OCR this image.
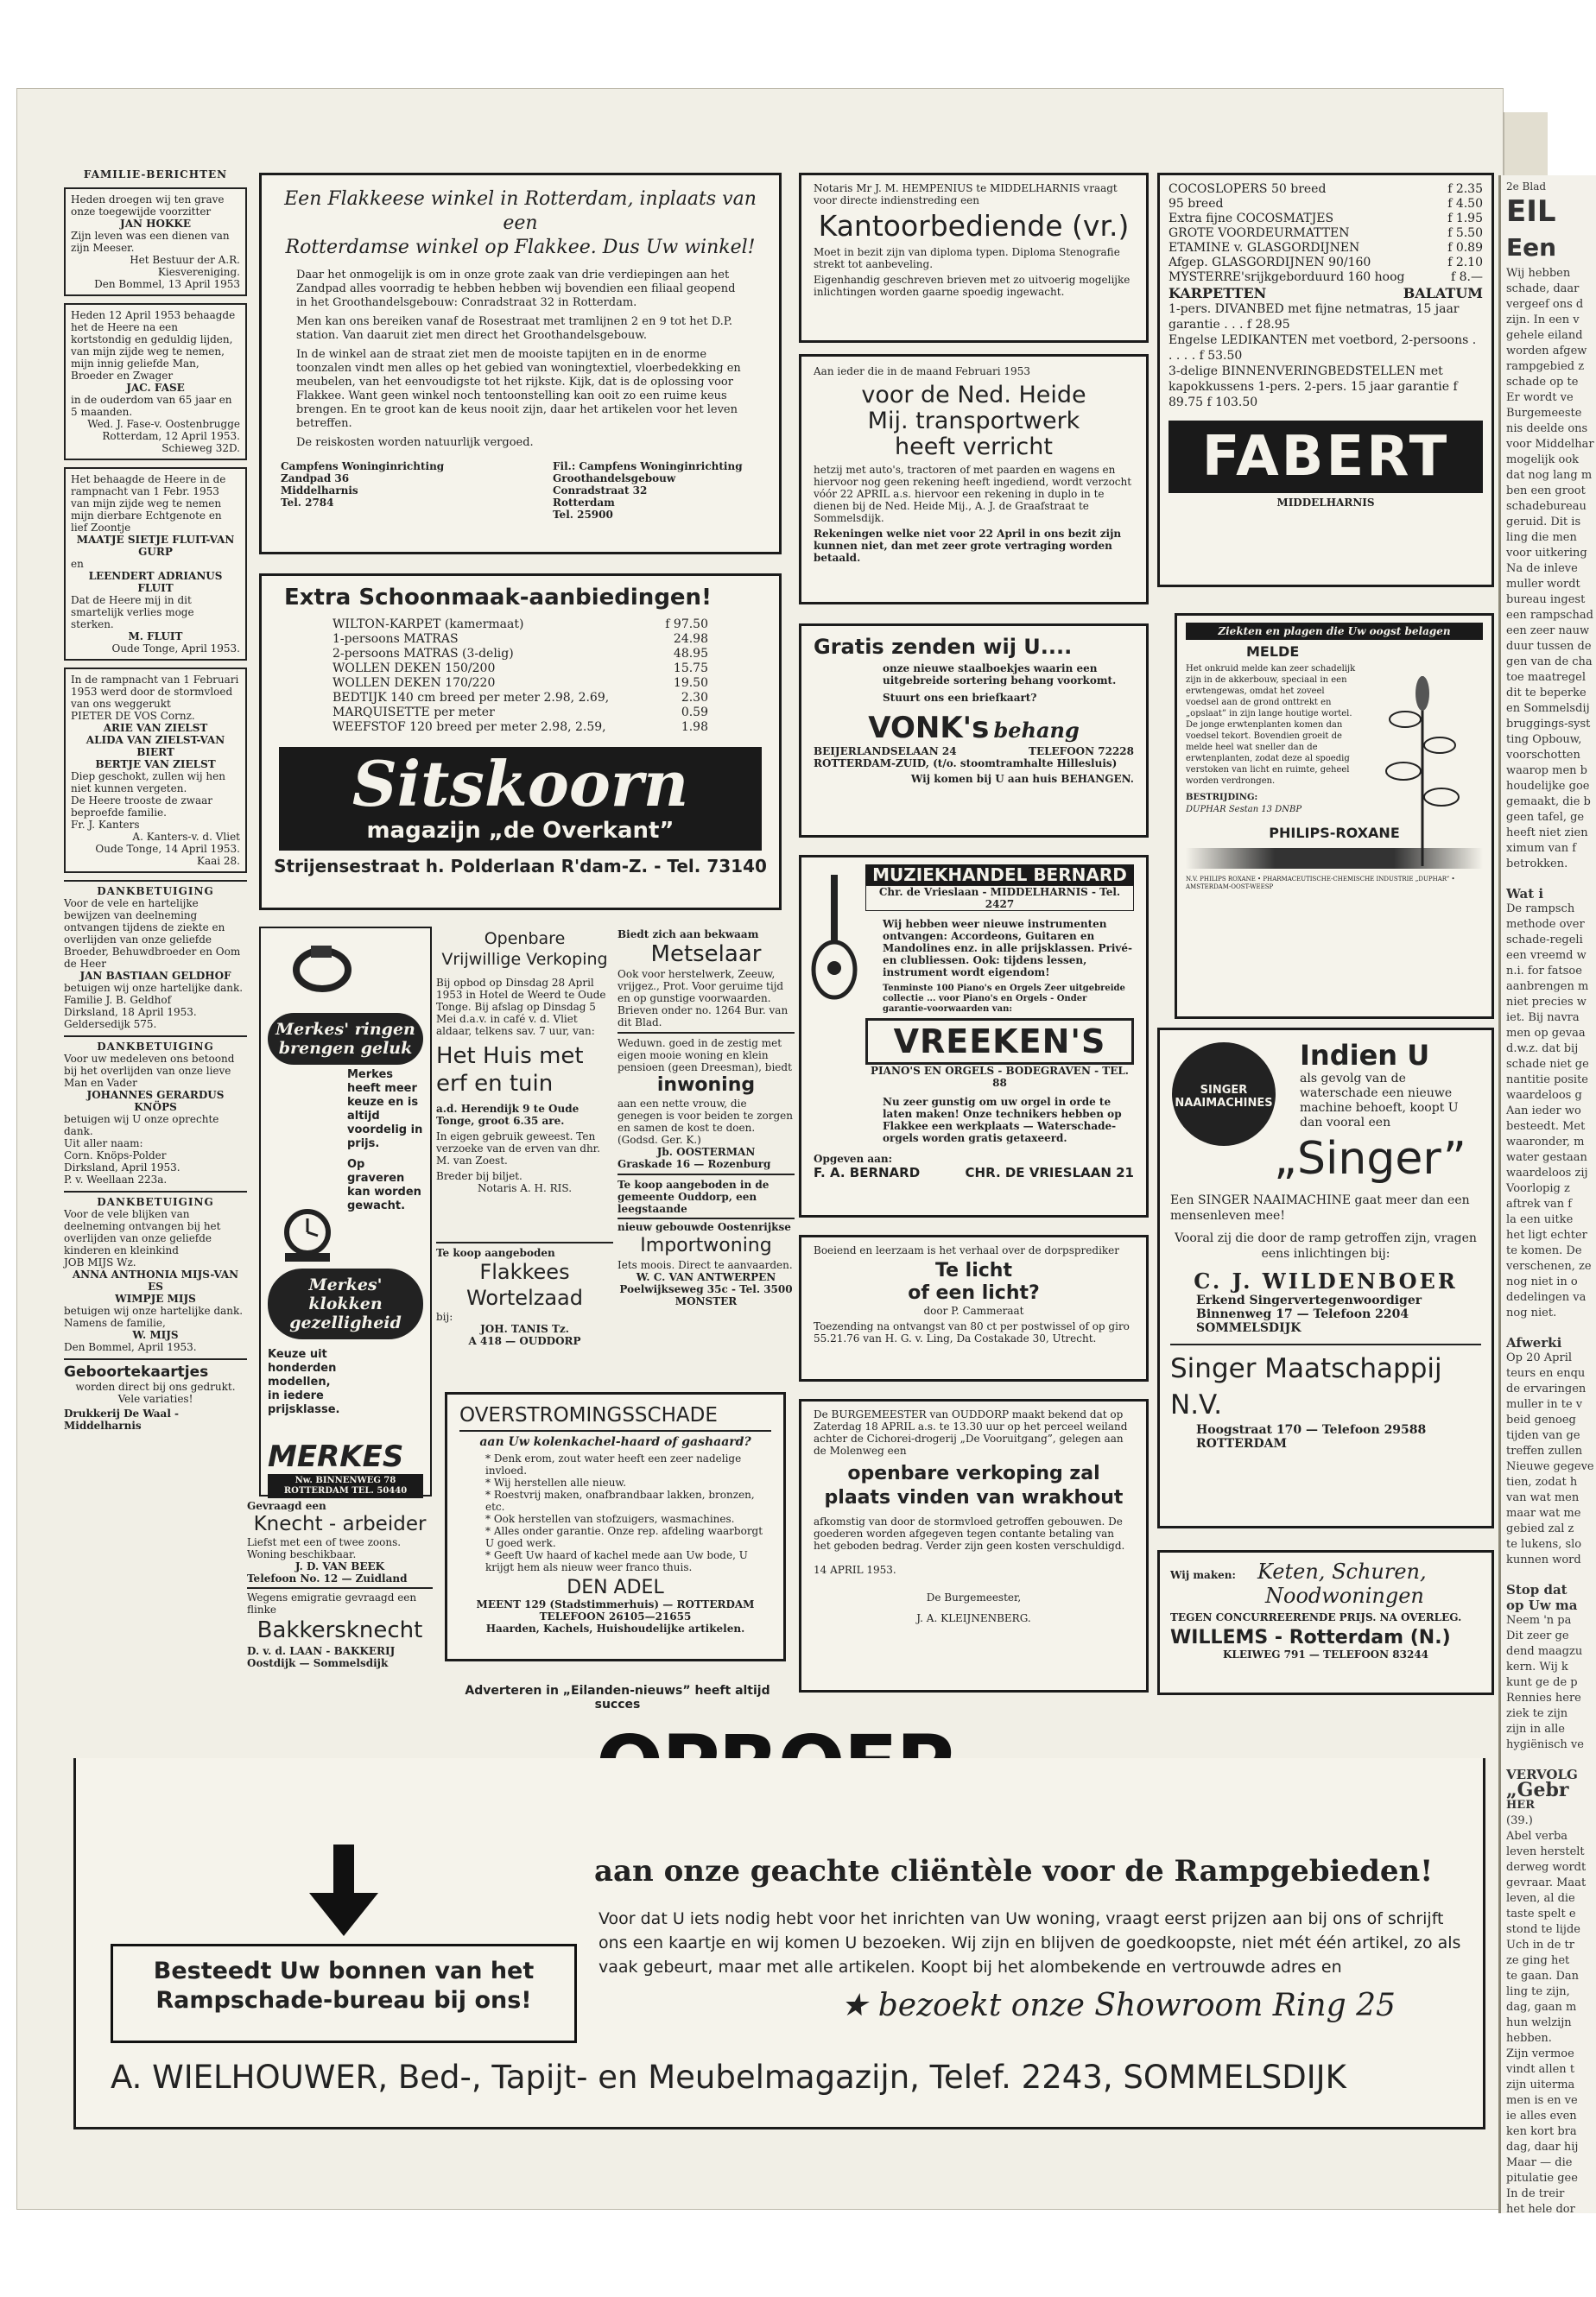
2e Blad

EIL

Een

Wij hebben

schade, daar

vergeef ons d

zijn. In een v

gehele eiland

worden afgew

rampgebied z

schade op te

Er wordt ve

Burgemeeste

nis deelde ons

voor Middelhar

mogelijk ook

dat nog lang m

ben een groot

schadebureau

geruid. Dit is

ling die men

voor uitkering

Na de inleve

muller wordt

bureau ingest

een rampschad

een zeer nauw

duur tussen de

gen van de cha

toe maatregel

dit te beperke

en Sommelsdij

bruggings-syst

ting Opbouw,

voorschotten

waarop men b

houdelijke goe

gemaakt, die b

geen tafel, ge

heeft niet zien

ximum van f

betrokken.

Wat i

De rampsch

methode over

schade-regeli

een vreemd w

n.i. for fatsoe

aanbrengen m

niet precies w

iet. Bij navra

men op gevaa

d.w.z. dat bij

schade niet ge

nantitie posite

waardeloos g

Aan ieder wo

besteedt. Met

waaronder, m

water gestaan

waardeloos zij

Voorlopig z

aftrek van f

la een uitke

het ligt echter

te komen. De

verschenen, ze

nog niet in o

dedelingen va

nog niet.

Afwerki

Op 20 April

teurs en enqu

de ervaringen

muller in te v

beid genoeg

tijden van ge

treffen zullen

Nieuwe gegeve

tien, zodat h

van wat men

maar wat me

gebied zal z

te lukens, slo

kunnen word

Stop dat

op Uw ma

Neem 'n pa

Dit zeer ge

dend maagzu

kern. Wij k

kunt ge de p

Rennies here

ziek te zijn

zijn in alle

hygiënisch ve

VERVOLG

„Gebr

HER

(39.)

Abel verba

leven herstelt

derweg wordt

gevraar. Maat

leven, al die

taste spelt e

stond te lijde

Uch in de tr

ze ging het

te gaan. Dan

ling te zijn,

dag, gaan m

hun welzijn

hebben.

Zijn vermoe

vindt allen t

zijn uiterma

men is en ve

ie alles even

ken kort bra

dag, daar hij

Maar — die

pitulatie gee

In de treir

het hele dor

FAMILIE-BERICHTEN

Heden droegen wij ten grave onze toegewijde voorzitter

JAN HOKKE

Zijn leven was een dienen van zijn Meeser.

Het Bestuur der A.R. Kiesvereniging.

Den Bommel, 13 April 1953

Heden 12 April 1953 behaagde het de Heere na een kortstondig en geduldig lijden, van mijn zijde weg te nemen, mijn innig geliefde Man, Broeder en Zwager

JAC. FASE

in de ouderdom van 65 jaar en 5 maanden.

Wed. J. Fase-v. Oostenbrugge

Rotterdam, 12 April 1953. Schieweg 32D.

Het behaagde de Heere in de rampnacht van 1 Febr. 1953 van mijn zijde weg te nemen mijn dierbare Echtgenote en lief Zoontje

MAATJE SIETJE FLUIT-VAN GURP

en

LEENDERT ADRIANUS FLUIT

Dat de Heere mij in dit smartelijk verlies moge sterken.

M. FLUIT

Oude Tonge, April 1953.

In de rampnacht van 1 Februari 1953 werd door de stormvloed van ons weggerukt

PIETER DE VOS Cornz.

ARIE VAN ZIELST

ALIDA VAN ZIELST-VAN BIERT

BERTJE VAN ZIELST

Diep geschokt, zullen wij hen niet kunnen vergeten.

De Heere trooste de zwaar beproefde familie.

Fr. J. Kanters

A. Kanters-v. d. Vliet

Oude Tonge, 14 April 1953. Kaai 28.

DANKBETUIGING

Voor de vele en hartelijke bewijzen van deelneming ontvangen tijdens de ziekte en overlijden van onze geliefde Broeder, Behuwdbroeder en Oom de Heer

JAN BASTIAAN GELDHOF

betuigen wij onze hartelijke dank.

Familie J. B. Geldhof

Dirksland, 18 April 1953. Geldersedijk 575.

DANKBETUIGING

Voor uw medeleven ons betoond bij het overlijden van onze lieve Man en Vader

JOHANNES GERARDUS KNÖPS

betuigen wij U onze oprechte dank.

Uit aller naam:

Corn. Knöps-Polder

Dirksland, April 1953.

P. v. Weellaan 223a.

DANKBETUIGING

Voor de vele blijken van deelneming ontvangen bij het overlijden van onze geliefde kinderen en kleinkind

JOB MIJS Wz.

ANNA ANTHONIA MIJS-VAN ES

WIMPJE MIJS

betuigen wij onze hartelijke dank.

Namens de familie,

W. MIJS

Den Bommel, April 1953.

Geboortekaartjes

worden direct bij ons gedrukt. Vele variaties!

Drukkerij De Waal - Middelharnis

Een Flakkeese winkel in Rotterdam, inplaats van een

Rotterdamse winkel op Flakkee. Dus Uw winkel!

Daar het onmogelijk is om in onze grote zaak van drie verdiepingen aan het Zandpad alles voorradig te hebben hebben wij bovendien een filiaal geopend in het Groothandelsgebouw: Conradstraat 32 in Rotterdam.

Men kan ons bereiken vanaf de Rosestraat met tramlijnen 2 en 9 tot het D.P. station. Van daaruit ziet men direct het Groothandelsgebouw.

In de winkel aan de straat ziet men de mooiste tapijten en in de enorme toonzalen vindt men alles op het gebied van woningtextiel, vloerbedekking en meubelen, van het eenvoudigste tot het rijkste. Kijk, dat is de oplossing voor Flakkee. Want geen winkel noch tentoonstelling kan ooit zo een ruime keus brengen. En te groot kan de keus nooit zijn, daar het artikelen voor het leven betreffen.

De reiskosten worden natuurlijk vergoed.

Campfens Woninginrichting

Zandpad 36

Middelharnis

Tel. 2784

Fil.: Campfens Woninginrichting

Groothandelsgebouw

Conradstraat 32

Rotterdam

Tel. 25900

Extra Schoonmaak-aanbiedingen!

WILTON-KARPET (kamermaat)	f 97.50
1-persoons MATRAS	24.98
2-persoons MATRAS (3-delig)	48.95
WOLLEN DEKEN 150/200	15.75
WOLLEN DEKEN 170/220	19.50
BEDTIJK 140 cm breed per meter 2.98, 2.69,	2.30
MARQUISETTE per meter	0.59
WEEFSTOF 120 breed per meter 2.98, 2.59,	1.98

Sitskoorn

magazijn „de Overkant”

Strijensestraat h. Polderlaan R'dam-Z. - Tel. 73140

Merkes' ringen brengen geluk

Merkes heeft meer keuze en is altijd voordelig in prijs.

Op graveren kan worden gewacht.

Merkes' klokken gezelligheid

Keuze uit honderden modellen, in iedere prijsklasse.

MERKES

Nw. BINNENWEG 78 ROTTERDAM TEL. 50440

Gevraagd een

Knecht - arbeider

Liefst met een of twee zoons. Woning beschikbaar.

J. D. VAN BEEK

Telefoon No. 12 — Zuidland

Wegens emigratie gevraagd een flinke

Bakkersknecht

D. v. d. LAAN - BAKKERIJ

Oostdijk — Sommelsdijk

Openbare

Vrijwillige Verkoping

Bij opbod op Dinsdag 28 April 1953 in Hotel de Weerd te Oude Tonge. Bij afslag op Dinsdag 5 Mei d.a.v. in café v. d. Vliet aldaar, telkens sav. 7 uur, van:

Het Huis met erf en tuin

a.d. Herendijk 9 te Oude Tonge, groot 6.35 are.

In eigen gebruik geweest. Ten verzoeke van de erven van dhr. M. van Zoest.

Breder bij biljet.

Notaris A. H. RIS.

Te koop aangeboden

Flakkees Wortelzaad

bij:

JOH. TANIS Tz.

A 418 — OUDDORP

Biedt zich aan bekwaam

Metselaar

Ook voor herstelwerk, Zeeuw, vrijgez., Prot. Voor geruime tijd en op gunstige voorwaarden. Brieven onder no. 1264 Bur. van dit Blad.

Weduwn. goed in de zestig met eigen mooie woning en klein pensioen (geen Dreesman), biedt

inwoning

aan een nette vrouw, die genegen is voor beiden te zorgen en samen de kost te doen. (Godsd. Ger. K.)

Jb. OOSTERMAN

Graskade 16 — Rozenburg

Te koop aangeboden in de gemeente Ouddorp, een leegstaande

nieuw gebouwde Oostenrijkse

Importwoning

Iets moois. Direct te aanvaarden.

W. C. VAN ANTWERPEN

Poelwijkseweg 35c - Tel. 3500 MONSTER

OVERSTROMINGSSCHADE

aan Uw kolenkachel-haard of gashaard?

* Denk erom, zout water heeft een zeer nadelige invloed.

* Wij herstellen alle nieuw.

* Roestvrij maken, onafbrandbaar lakken, bronzen, etc.

* Ook herstellen van stofzuigers, wasmachines.

* Alles onder garantie. Onze rep. afdeling waarborgt U goed werk.

* Geeft Uw haard of kachel mede aan Uw bode, U krijgt hem als nieuw weer franco thuis.

DEN ADEL

MEENT 129 (Stadstimmerhuis) — ROTTERDAM

TELEFOON 26105—21655

Haarden, Kachels, Huishoudelijke artikelen.

Adverteren in „Eilanden-nieuws” heeft altijd succes

Notaris Mr J. M. HEMPENIUS te MIDDELHARNIS vraagt voor directe indienstreding een

Kantoorbediende (vr.)

Moet in bezit zijn van diploma typen. Diploma Stenografie strekt tot aanbeveling.

Eigenhandig geschreven brieven met zo uitvoerig mogelijke inlichtingen worden gaarne spoedig ingewacht.

Aan ieder die in de maand Februari 1953

voor de Ned. Heide

Mij. transportwerk

heeft verricht

hetzij met auto's, tractoren of met paarden en wagens en hiervoor nog geen rekening heeft ingediend, wordt verzocht vóór 22 APRIL a.s. hiervoor een rekening in duplo in te dienen bij de Ned. Heide Mij., A. J. de Graafstraat te Sommelsdijk.

Rekeningen welke niet voor 22 April in ons bezit zijn kunnen niet, dan met zeer grote vertraging worden betaald.

Gratis zenden wij U....

onze nieuwe staalboekjes waarin een uitgebreide sortering behang voorkomt.

Stuurt ons een briefkaart?

VONK's behang

BEIJERLANDSELAAN 24	TELEFOON 72228

ROTTERDAM-ZUID, (t/o. stoomtramhalte Hillesluis)

Wij komen bij U aan huis BEHANGEN.

MUZIEKHANDEL BERNARD

Chr. de Vrieslaan - MIDDELHARNIS - Tel. 2427

Wij hebben weer nieuwe instrumenten ontvangen: Accordeons, Guitaren en Mandolines enz. in alle prijsklassen. Privé- en clubliessen. Ook: tijdens lessen, instrument wordt eigendom!

Tenminste 100 Piano's en Orgels Zeer uitgebreide collectie ... voor Piano's en Orgels - Onder garantie-voorwaarden van:

VREEKEN'S

PIANO'S EN ORGELS - BODEGRAVEN - TEL. 88

Nu zeer gunstig om uw orgel in orde te laten maken! Onze technikers hebben op Flakkee een werkplaats — Waterschade-orgels worden gratis getaxeerd.

Opgeven aan:

F. A. BERNARD	CHR. DE VRIESLAAN 21

Boeiend en leerzaam is het verhaal over de dorpsprediker

Te licht

of een licht?

door P. Cammeraat

Toezending na ontvangst van 80 ct per postwissel of op giro 55.21.76 van H. G. v. Ling, Da Costakade 30, Utrecht.

De BURGEMEESTER van OUDDORP maakt bekend dat op Zaterdag 18 APRIL a.s. te 13.30 uur op het perceel weiland achter de Cichorei-drogerij „De Vooruitgang”, gelegen aan de Molenweg een

openbare verkoping zal plaats vinden van wrakhout

afkomstig van door de stormvloed getroffen gebouwen. De goederen worden afgegeven tegen contante betaling van het geboden bedrag. Verder zijn geen kosten verschuldigd.

14 APRIL 1953.

De Burgemeester,

J. A. KLEIJNENBERG.

COCOSLOPERS 50 breed	f 2.35
95 breed	f 4.50
Extra fijne COCOSMATJES	f 1.95
GROTE VOORDEURMATTEN	f 5.50
ETAMINE v. GLASGORDIJNEN	f 0.89
Afgep. GLASGORDIJNEN 90/160	f 2.10
MYSTERRE'srijkgeborduurd 160 hoog	f 8.—
KARPETTEN	BALATUM

1-pers. DIVANBED met fijne netmatras, 15 jaar garantie . . . f 28.95

Engelse LEDIKANTEN met voetbord, 2-persoons . . . . . f 53.50

3-delige BINNENVERINGBEDSTELLEN met kapokkussens 1-pers. 2-pers. 15 jaar garantie f 89.75 f 103.50

FABERT

MIDDELHARNIS

Ziekten en plagen die Uw oogst belagen

MELDE

Het onkruid melde kan zeer schadelijk zijn in de akkerbouw, speciaal in een erwtengewas, omdat het zoveel voedsel aan de grond onttrekt en „opslaat” in zijn lange houtige wortel. De jonge erwtenplanten komen dan voedsel tekort. Bovendien groeit de melde heel wat sneller dan de erwtenplanten, zodat deze al spoedig verstoken van licht en ruimte, geheel worden verdrongen.

BESTRIJDING:

DUPHAR Sestan 13 DNBP

PHILIPS-ROXANE

N.V. PHILIPS ROXANE • PHARMACEUTISCHE-CHEMISCHE INDUSTRIE „DUPHAR” • AMSTERDAM-OOST-WEESP

SINGER NAAIMACHINES

Indien U

als gevolg van de waterschade een nieuwe machine behoeft, koopt U dan vooral een

„Singer”

Een SINGER NAAIMACHINE gaat meer dan een mensenleven mee!

Vooral zij die door de ramp getroffen zijn, vragen eens inlichtingen bij:

C. J. WILDENBOER

Erkend Singervertegenwoordiger

Binnenweg 17 — Telefoon 2204

SOMMELSDIJK

Singer Maatschappij N.V.

Hoogstraat 170 — Telefoon 29588

ROTTERDAM

Wij maken: Keten, Schuren,

Noodwoningen

TEGEN CONCURREERENDE PRIJS. NA OVERLEG.

WILLEMS - Rotterdam (N.)

KLEIWEG 791 — TELEFOON 83244

Besteedt Uw bonnen van het

Rampschade-bureau bij ons!

aan onze geachte cliëntèle voor de Rampgebieden!

Voor dat U iets nodig hebt voor het inrichten van Uw woning, vraagt eerst prijzen aan bij ons of schrijft ons een kaartje en wij komen U bezoeken. Wij zijn en blijven de goedkoopste, niet mét één artikel, zo als vaak gebeurt, maar met alle artikelen. Koopt bij het alombekende en vertrouwde adres en

★ bezoekt onze Showroom Ring 25

A. WIELHOUWER, Bed-, Tapijt- en Meubelmagazijn, Telef. 2243, SOMMELSDIJK
